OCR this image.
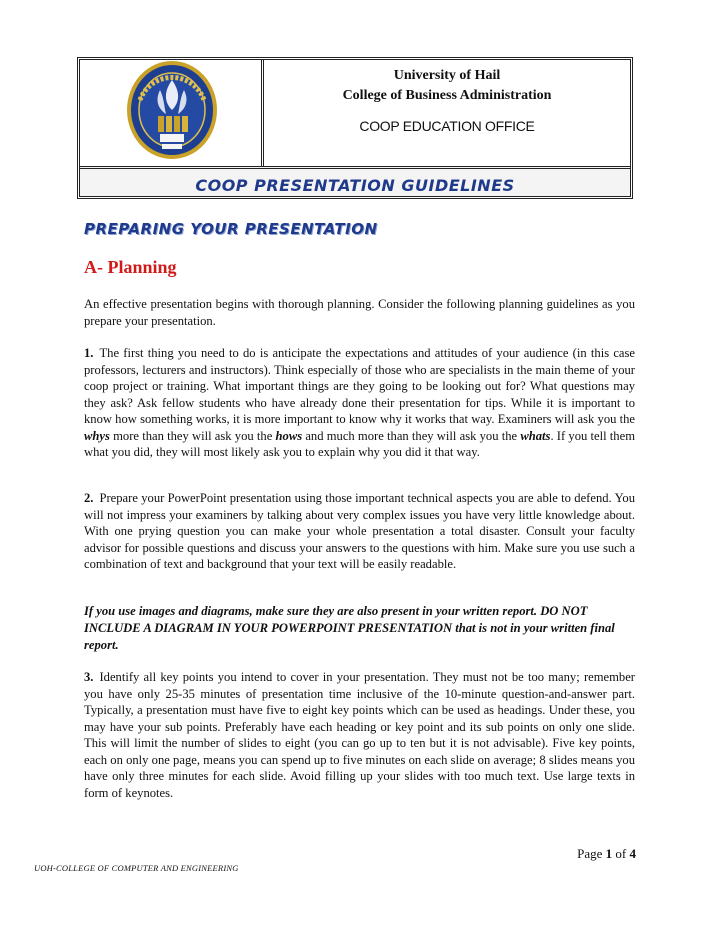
University of Hail
College of Business Administration
COOP EDUCATION OFFICE
COOP PRESENTATION GUIDELINES
PREPARING YOUR PRESENTATION
A- Planning
An effective presentation begins with thorough planning. Consider the following planning guidelines as you prepare your presentation.
1. The first thing you need to do is anticipate the expectations and attitudes of your audience (in this case professors, lecturers and instructors). Think especially of those who are specialists in the main theme of your coop project or training. What important things are they going to be looking out for? What questions may they ask? Ask fellow students who have already done their presentation for tips. While it is important to know how something works, it is more important to know why it works that way. Examiners will ask you the whys more than they will ask you the hows and much more than they will ask you the whats. If you tell them what you did, they will most likely ask you to explain why you did it that way.
2. Prepare your PowerPoint presentation using those important technical aspects you are able to defend. You will not impress your examiners by talking about very complex issues you have very little knowledge about. With one prying question you can make your whole presentation a total disaster. Consult your faculty advisor for possible questions and discuss your answers to the questions with him. Make sure you use such a combination of text and background that your text will be easily readable.
If you use images and diagrams, make sure they are also present in your written report. DO NOT INCLUDE A DIAGRAM IN YOUR POWERPOINT PRESENTATION that is not in your written final report.
3. Identify all key points you intend to cover in your presentation. They must not be too many; remember you have only 25-35 minutes of presentation time inclusive of the 10-minute question-and-answer part. Typically, a presentation must have five to eight key points which can be used as headings. Under these, you may have your sub points. Preferably have each heading or key point and its sub points on only one slide. This will limit the number of slides to eight (you can go up to ten but it is not advisable). Five key points, each on only one page, means you can spend up to five minutes on each slide on average; 8 slides means you have only three minutes for each slide. Avoid filling up your slides with too much text. Use large texts in form of keynotes.
Page 1 of 4
UOH-COLLEGE OF COMPUTER AND ENGINEERING
